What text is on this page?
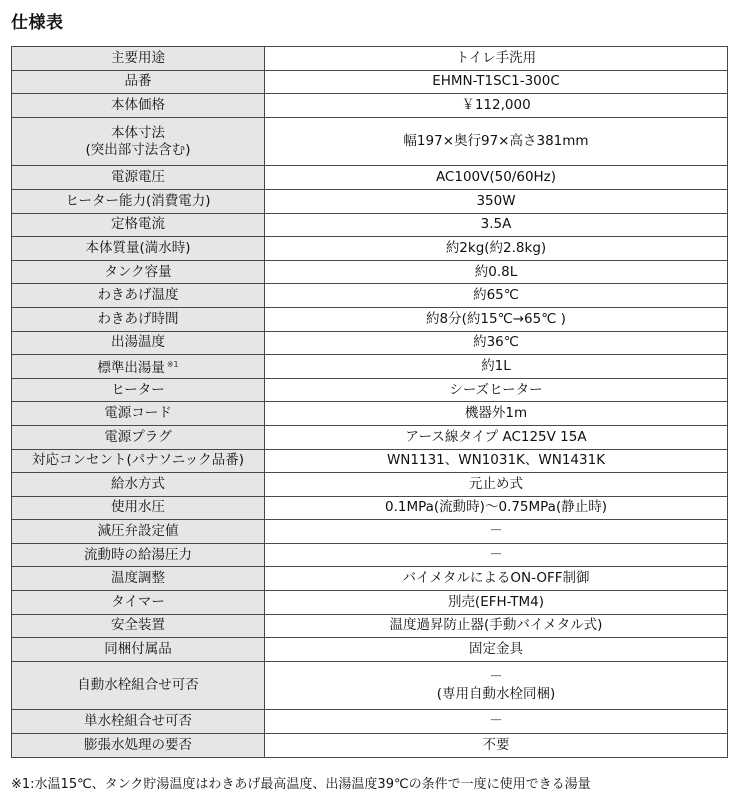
仕様表
主要用途	トイレ手洗用
品番	EHMN-T1SC1-300C
本体価格	￥112,000

本体寸法
(突出部寸法含む)	幅197×奥行97×高さ381mm
電源電圧	AC100V(50/60Hz)
ヒーター能力(消費電力)	350W
定格電流	3.5A
本体質量(満水時)	約2kg(約2.8kg)
タンク容量	約0.8L
わきあげ温度	約65℃
わきあげ時間	約8分(約15℃→65℃ )
出湯温度	約36℃
標準出湯量 $^{※1}$	約1L
ヒーター	シーズヒーター
電源コード	機器外1m
電源プラグ	アース線タイプ AC125V 15A
対応コンセント(パナソニック品番)	WN1131、WN1031K、WN1431K
給水方式	元止め式
使用水圧	0.1MPa(流動時)～0.75MPa(静止時)
減圧弁設定値	－
流動時の給湯圧力	－
温度調整	バイメタルによるON-OFF制御
タイマー	別売(EFH-TM4)
安全装置	温度過昇防止器(手動バイメタル式)
同梱付属品	固定金具
自動水栓組合せ可否	－
(専用自動水栓同梱)

単水栓組合せ可否	－
膨張水処理の要否	不要
※1:水温15℃、タンク貯湯温度はわきあげ最高温度、出湯温度39℃の条件で一度に使用できる湯量
